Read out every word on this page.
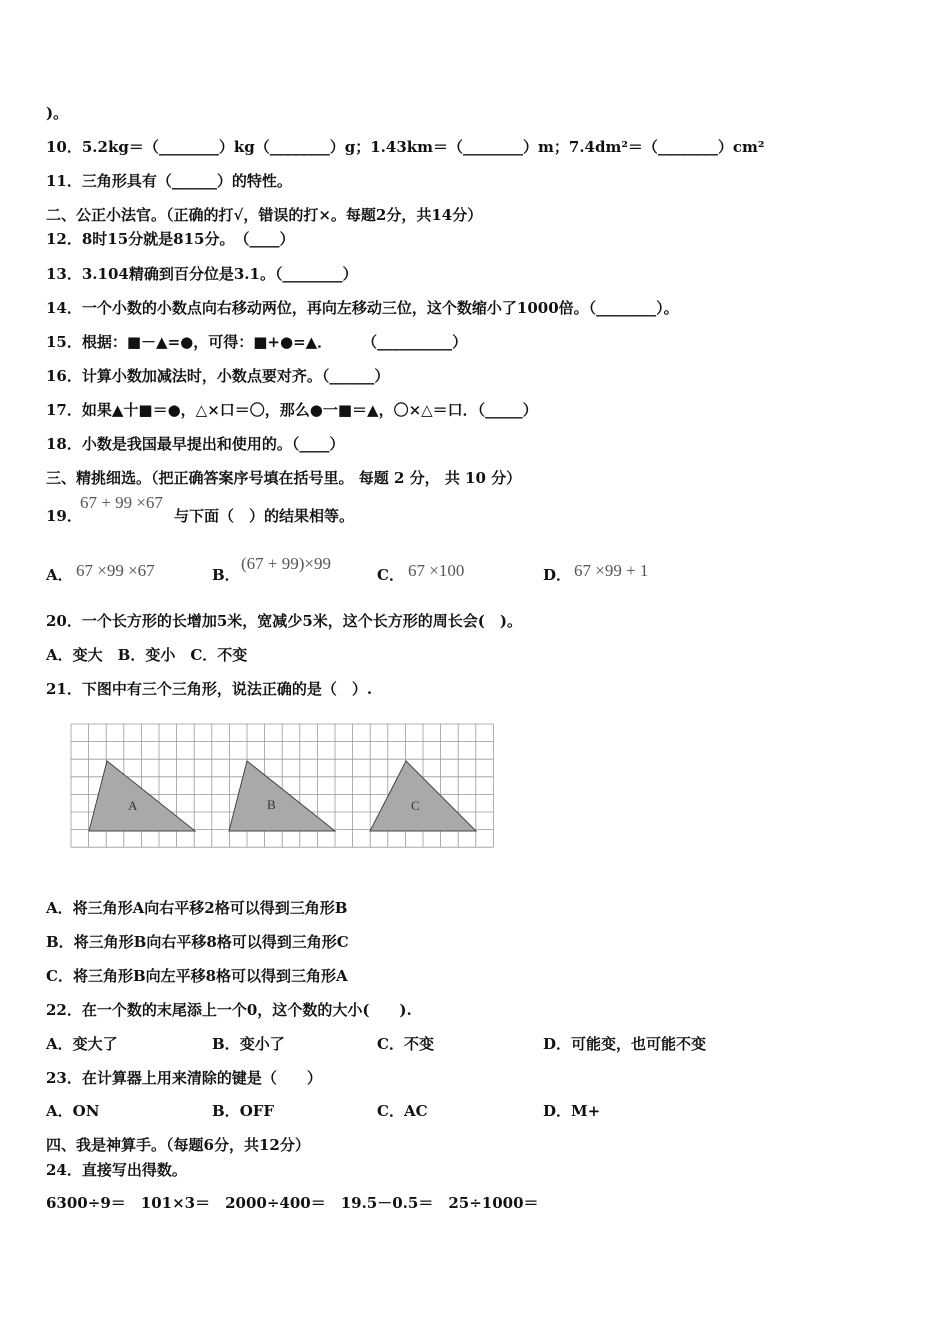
)。
10．5.2kg＝（________）kg（________）g；1.43km＝（________）m；7.4dm²＝（________）cm²
11．三角形具有（______）的特性。
二、公正小法官。（正确的打√，错误的打×。每题2分，共14分）
12．8时15分就是815分。　（____）
13．3.104精确到百分位是3.1。（________）
14．一个小数的小数点向右移动两位，再向左移动三位，这个数缩小了1000倍。（________）。
15．根据：■－▲=●，可得：■+●=▲．　　　（__________）
16．计算小数加减法时，小数点要对齐。（______）
17．如果▲十■＝●，△×口＝〇，那么●一■＝▲，〇×△＝口．（_____）
18．小数是我国最早提出和使用的。（____）
三、精挑细选。（把正确答案序号填在括号里。 每题 2 分， 共 10 分）
19．
67 + 99 ×67
与下面（　）的结果相等。
A． 67 ×99 ×67	B．
(67 + 99)×99
C． 67 ×100	D． 67 ×99 + 1
20．一个长方形的长增加5米，宽减少5米，这个长方形的周长会(　)。
A．变大　B．变小　C．不变
21．下图中有三个三角形，说法正确的是（　）.
A	B	C
A．将三角形A向右平移2格可以得到三角形B
B．将三角形B向右平移8格可以得到三角形C
C．将三角形B向左平移8格可以得到三角形A
22．在一个数的末尾添上一个0，这个数的大小(　　).
A．变大了	B．变小了	C．不变	D．可能变，也可能不变
23．在计算器上用来清除的键是（　　）
A．ON	B．OFF	C．AC	D．M+
四、我是神算手。（每题6分，共12分）
24．直接写出得数。
6300÷9＝　101×3＝　2000÷400＝　19.5－0.5＝　25÷1000＝
